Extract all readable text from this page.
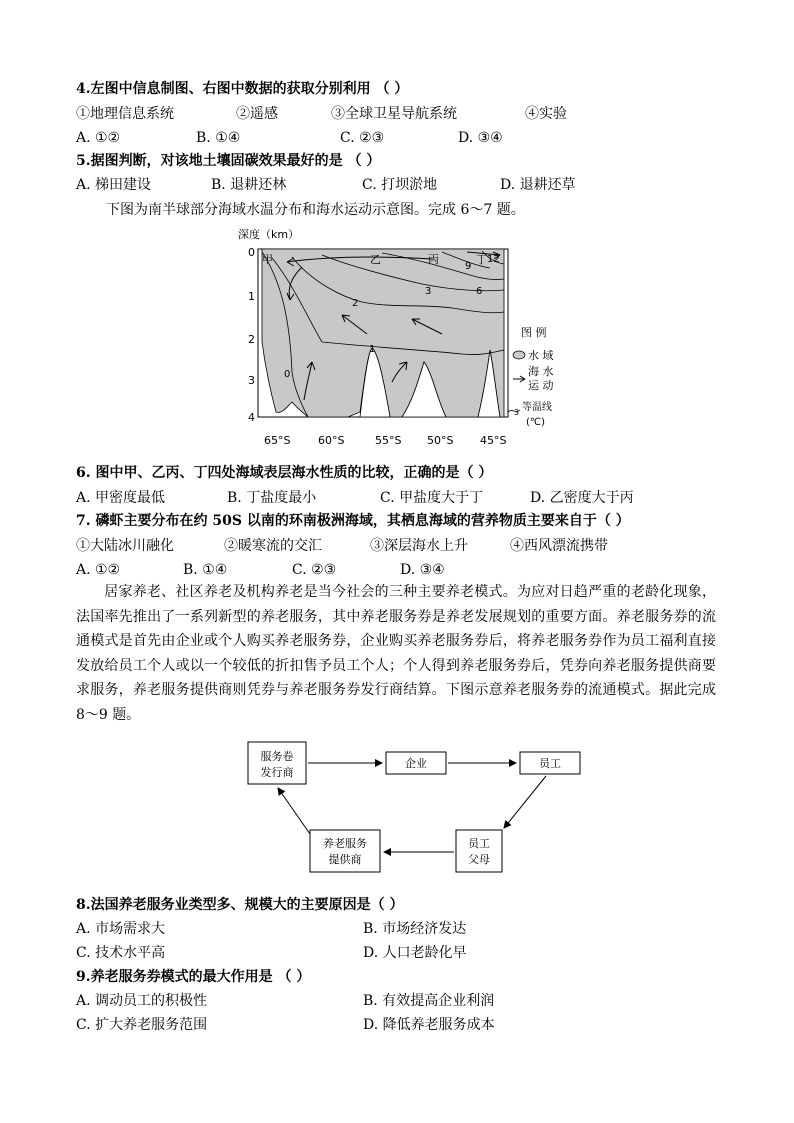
4.左图中信息制图、右图中数据的获取分别利用 （ ）
①地理信息系统	②遥感	③全球卫星导航系统	④实验
A. ①②	B. ①④	C. ②③	D. ③④
5.据图判断，对该地土壤固碳效果最好的是 （ ）
A. 梯田建设	B. 退耕还林	C. 打坝淤地	D. 退耕还草
下图为南半球部分海域水温分布和海水运动示意图。完成 6～7 题。
深度（km）
0
1
2
3	6
9
12
甲	乙	丙	丁
0
1
2
3
4
65°S	60°S	55°S 50°S 45°S
图 例
水 域
海 水
运 动
3 等温线
(℃)
6. 图中甲、乙丙、丁四处海域表层海水性质的比较，正确的是（ ）
A. 甲密度最低	B. 丁盐度最小	C. 甲盐度大于丁	D. 乙密度大于丙
7. 磷虾主要分布在约 50S 以南的环南极洲海域，其栖息海域的营养物质主要来自于（ ）
①大陆冰川融化	②暖寒流的交汇	③深层海水上升	④西风漂流携带
A. ①②	B. ①④	C. ②③	D. ③④
居家养老、社区养老及机构养老是当今社会的三种主要养老模式。为应对日趋严重的老龄化现象，法国率先推出了一系列新型的养老服务，其中养老服务券是养老发展规划的重要方面。养老服务券的流通模式是首先由企业或个人购买养老服务券，企业购买养老服务券后，将养老服务券作为员工福利直接发放给员工个人或以一个较低的折扣售予员工个人；个人得到养老服务券后，凭券向养老服务提供商要求服务，养老服务提供商则凭券与养老服务券发行商结算。下图示意养老服务券的流通模式。据此完成 8～9 题。
服务卷
发行商
企业	员工
员工
父母
养老服务
提供商
8.法国养老服务业类型多、规模大的主要原因是（ ）
A. 市场需求大	B. 市场经济发达
C. 技术水平高	D. 人口老龄化早
9.养老服务券模式的最大作用是 （ ）
A. 调动员工的积极性	B. 有效提高企业利润
C. 扩大养老服务范围	D. 降低养老服务成本
